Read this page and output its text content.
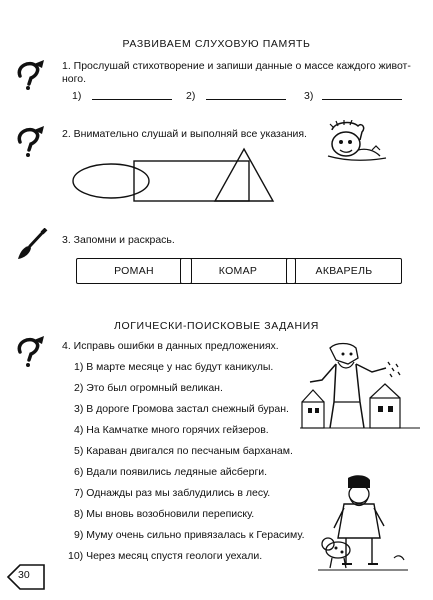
РАЗВИВАЕМ СЛУХОВУЮ ПАМЯТЬ
1. Прослушай стихотворение и запиши данные о массе каждого живот-
ного.
1)	2)	3)
2. Внимательно слушай и выполняй все указания.
3. Запомни и раскрась.
РОМАН	КОМАР	АКВАРЕЛЬ
ЛОГИЧЕСКИ-ПОИСКОВЫЕ ЗАДАНИЯ
4. Исправь ошибки в данных предложениях.
1) В марте месяце у нас будут каникулы.
2) Это был огромный великан.
3) В дороге Громова застал снежный буран.
4) На Камчатке много горячих гейзеров.
5) Караван двигался по песчаным барханам.
6) Вдали появились ледяные айсберги.
7) Однажды раз мы заблудились в лесу.
8) Мы вновь возобновили переписку.
9) Муму очень сильно привязалась к Герасиму.
10) Через месяц спустя геологи уехали.
30
